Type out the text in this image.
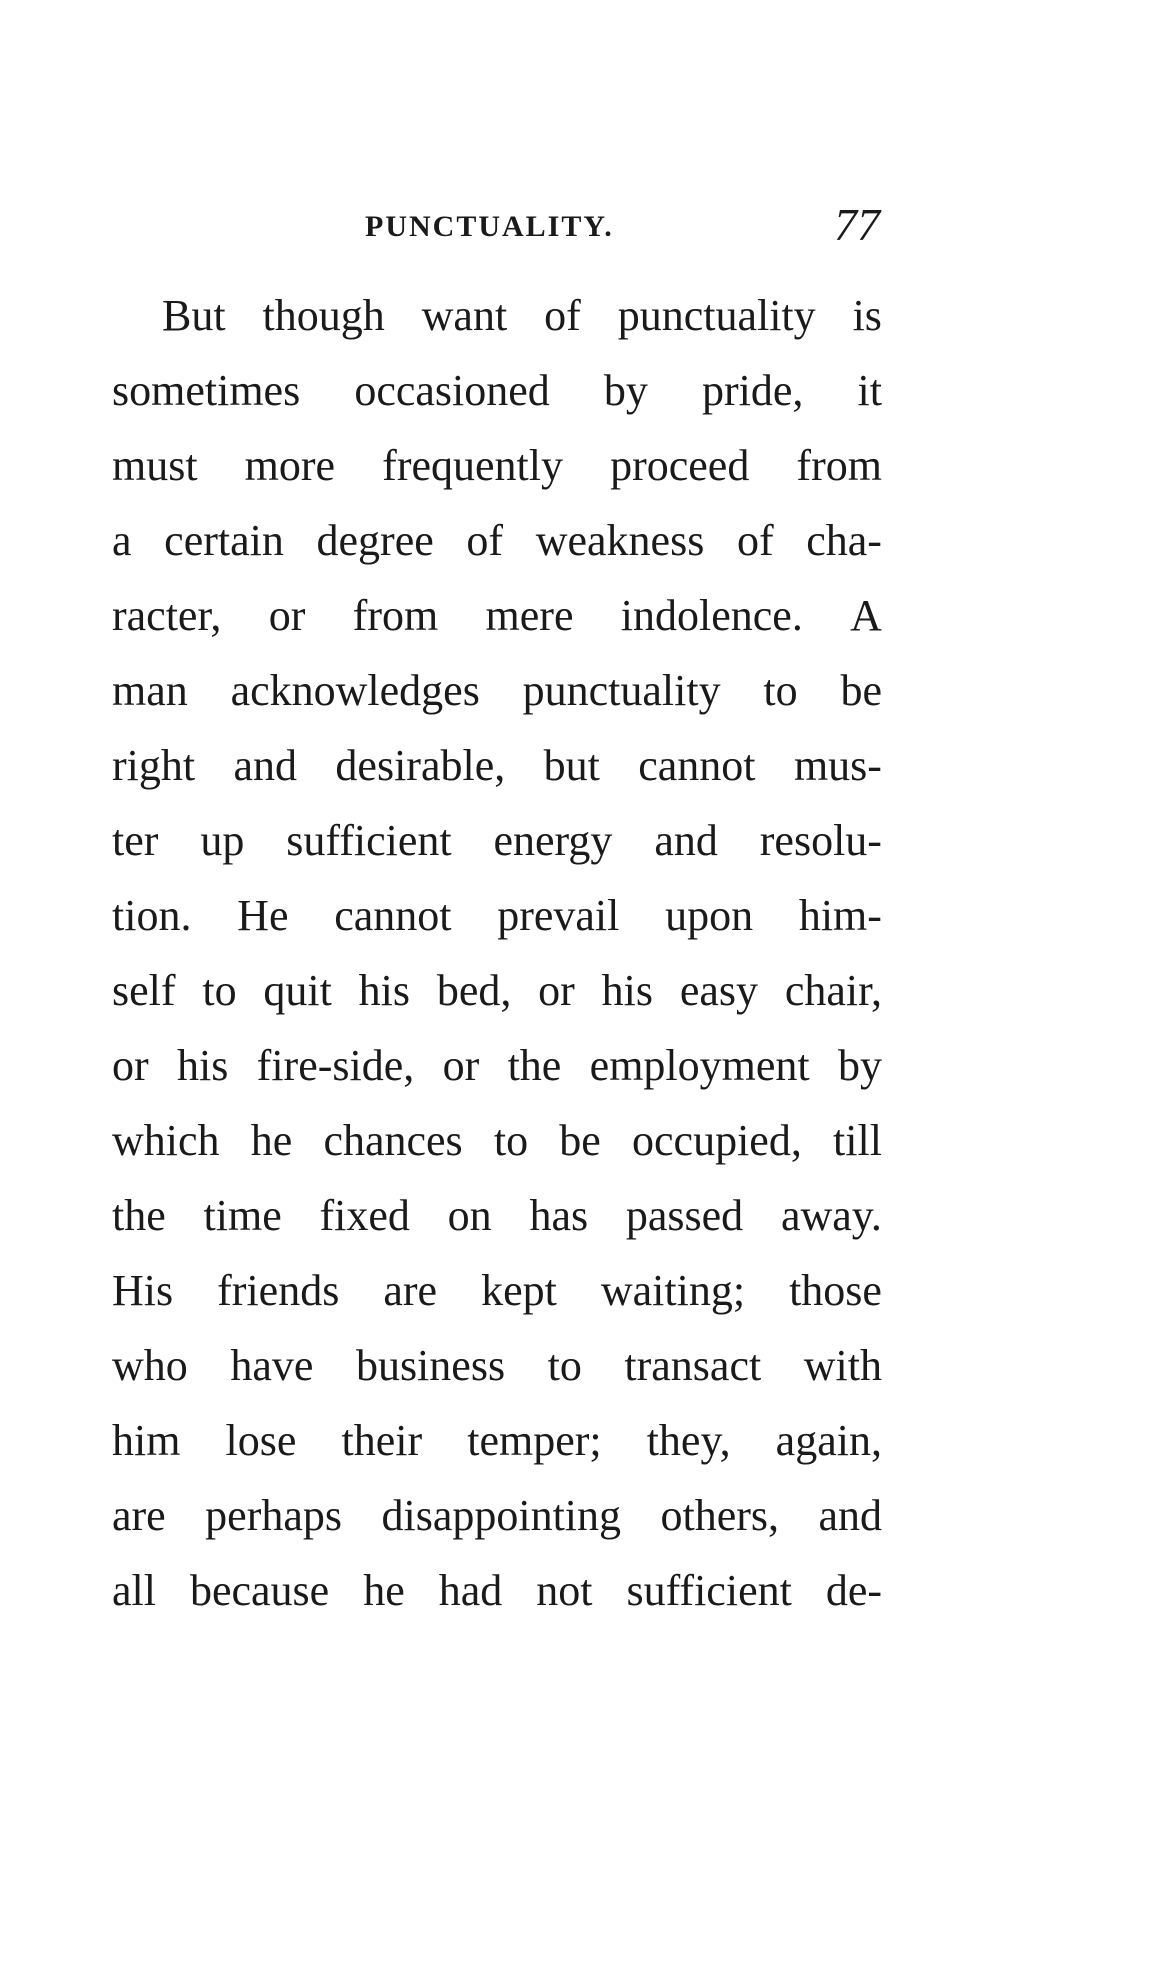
PUNCTUALITY.	77
But though want of punctuality is
sometimes occasioned by pride, it
must more frequently proceed from
a certain degree of weakness of cha-
racter, or from mere indolence. A
man acknowledges punctuality to be
right and desirable, but cannot mus-
ter up sufficient energy and resolu-
tion. He cannot prevail upon him-
self to quit his bed, or his easy chair,
or his fire-side, or the employment by
which he chances to be occupied, till
the time fixed on has passed away.
His friends are kept waiting; those
who have business to transact with
him lose their temper; they, again,
are perhaps disappointing others, and
all because he had not sufficient de-
